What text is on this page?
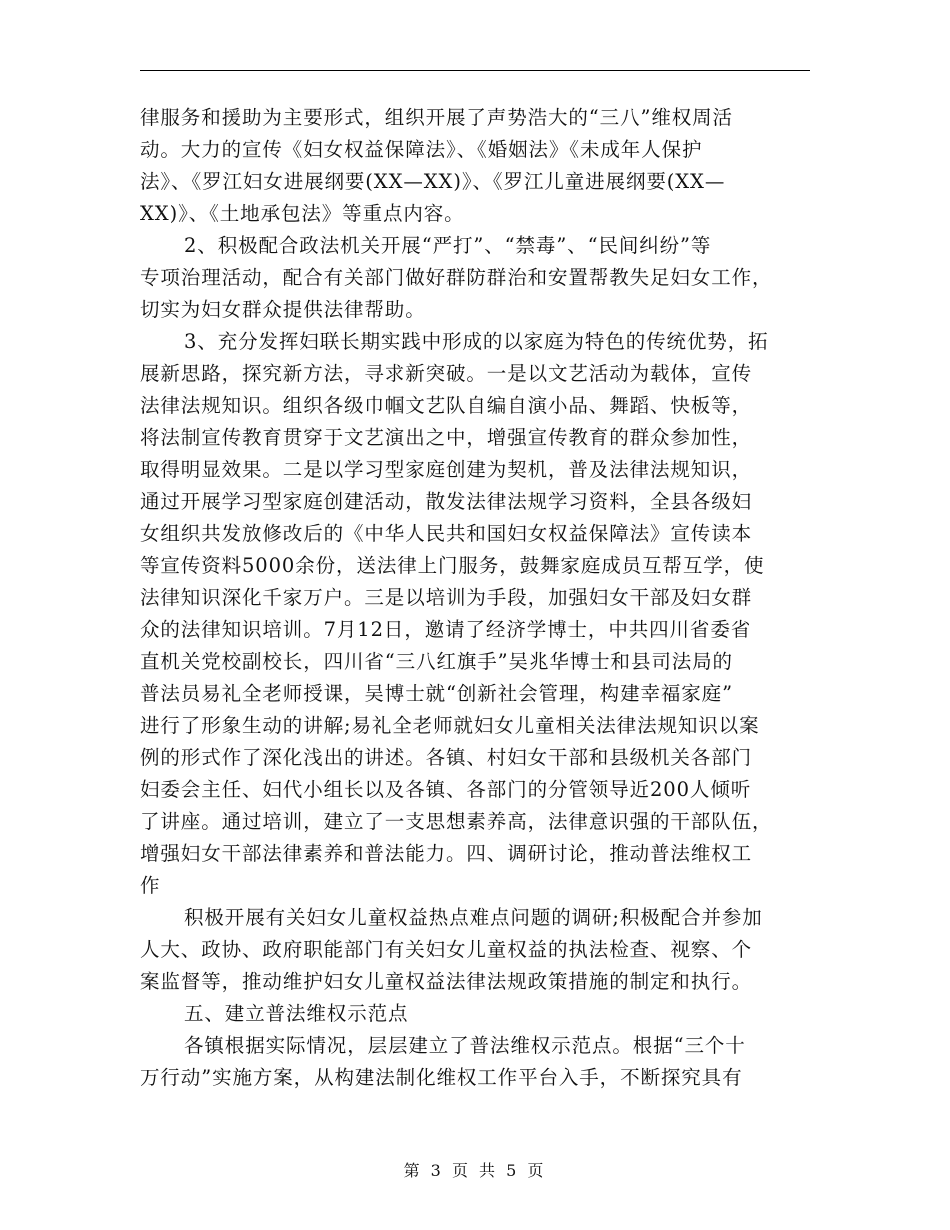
律服务和援助为主要形式，组织开展了声势浩大的“三八”维权周活
动。大力的宣传《妇女权益保障法》、《婚姻法》《未成年人保护
法》、《罗江妇女进展纲要(XX—XX)》、《罗江儿童进展纲要(XX—
XX)》、《土地承包法》等重点内容。
2、积极配合政法机关开展“严打”、“禁毒”、“民间纠纷”等
专项治理活动，配合有关部门做好群防群治和安置帮教失足妇女工作，
切实为妇女群众提供法律帮助。
3、充分发挥妇联长期实践中形成的以家庭为特色的传统优势，拓
展新思路，探究新方法，寻求新突破。一是以文艺活动为载体，宣传
法律法规知识。组织各级巾帼文艺队自编自演小品、舞蹈、快板等，
将法制宣传教育贯穿于文艺演出之中，增强宣传教育的群众参加性，
取得明显效果。二是以学习型家庭创建为契机，普及法律法规知识，
通过开展学习型家庭创建活动，散发法律法规学习资料，全县各级妇
女组织共发放修改后的《中华人民共和国妇女权益保障法》宣传读本
等宣传资料5000余份，送法律上门服务，鼓舞家庭成员互帮互学，使
法律知识深化千家万户。三是以培训为手段，加强妇女干部及妇女群
众的法律知识培训。7月12日，邀请了经济学博士，中共四川省委省
直机关党校副校长，四川省“三八红旗手”吴兆华博士和县司法局的
普法员易礼全老师授课，吴博士就“创新社会管理，构建幸福家庭”
进行了形象生动的讲解;易礼全老师就妇女儿童相关法律法规知识以案
例的形式作了深化浅出的讲述。各镇、村妇女干部和县级机关各部门
妇委会主任、妇代小组长以及各镇、各部门的分管领导近200人倾听
了讲座。通过培训，建立了一支思想素养高，法律意识强的干部队伍，
增强妇女干部法律素养和普法能力。四、调研讨论，推动普法维权工
作
积极开展有关妇女儿童权益热点难点问题的调研;积极配合并参加
人大、政协、政府职能部门有关妇女儿童权益的执法检查、视察、个
案监督等，推动维护妇女儿童权益法律法规政策措施的制定和执行。
五、建立普法维权示范点
各镇根据实际情况，层层建立了普法维权示范点。根据“三个十
万行动”实施方案，从构建法制化维权工作平台入手，不断探究具有
第 3 页 共 5 页
